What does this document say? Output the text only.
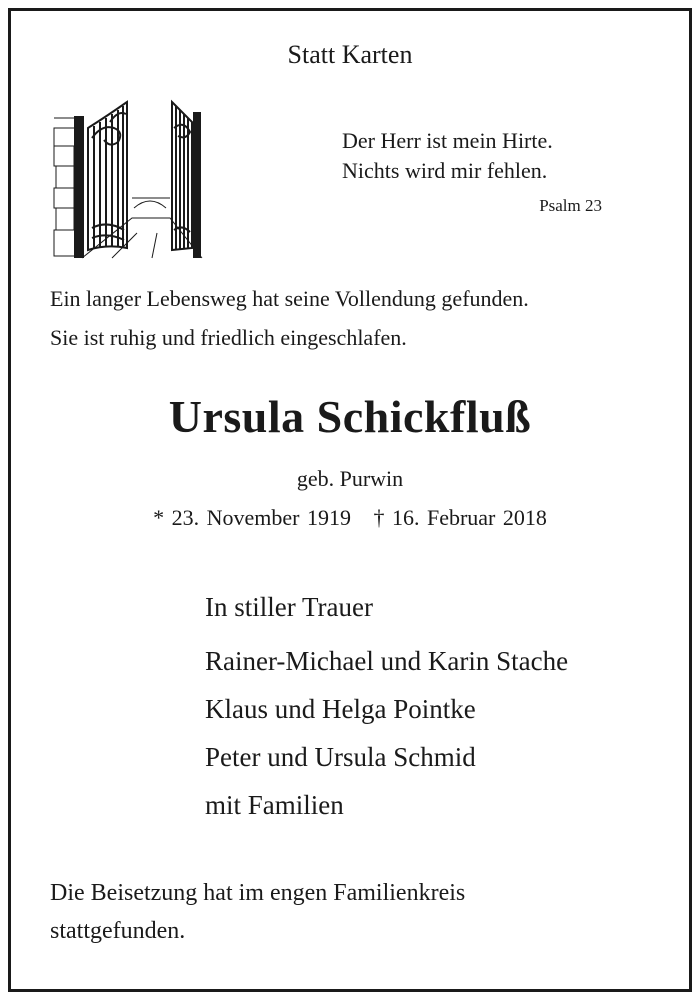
Statt Karten
Der Herr ist mein Hirte.
Nichts wird mir fehlen.
Psalm 23
Ein langer Lebensweg hat seine Vollendung gefunden.
Sie ist ruhig und friedlich eingeschlafen.
Ursula Schickfluß
geb. Purwin
* 23. November 1919   † 16. Februar 2018
In stiller Trauer
Rainer-Michael und Karin Stache
Klaus und Helga Pointke
Peter und Ursula Schmid
mit Familien
Die Beisetzung hat im engen Familienkreis
stattgefunden.
